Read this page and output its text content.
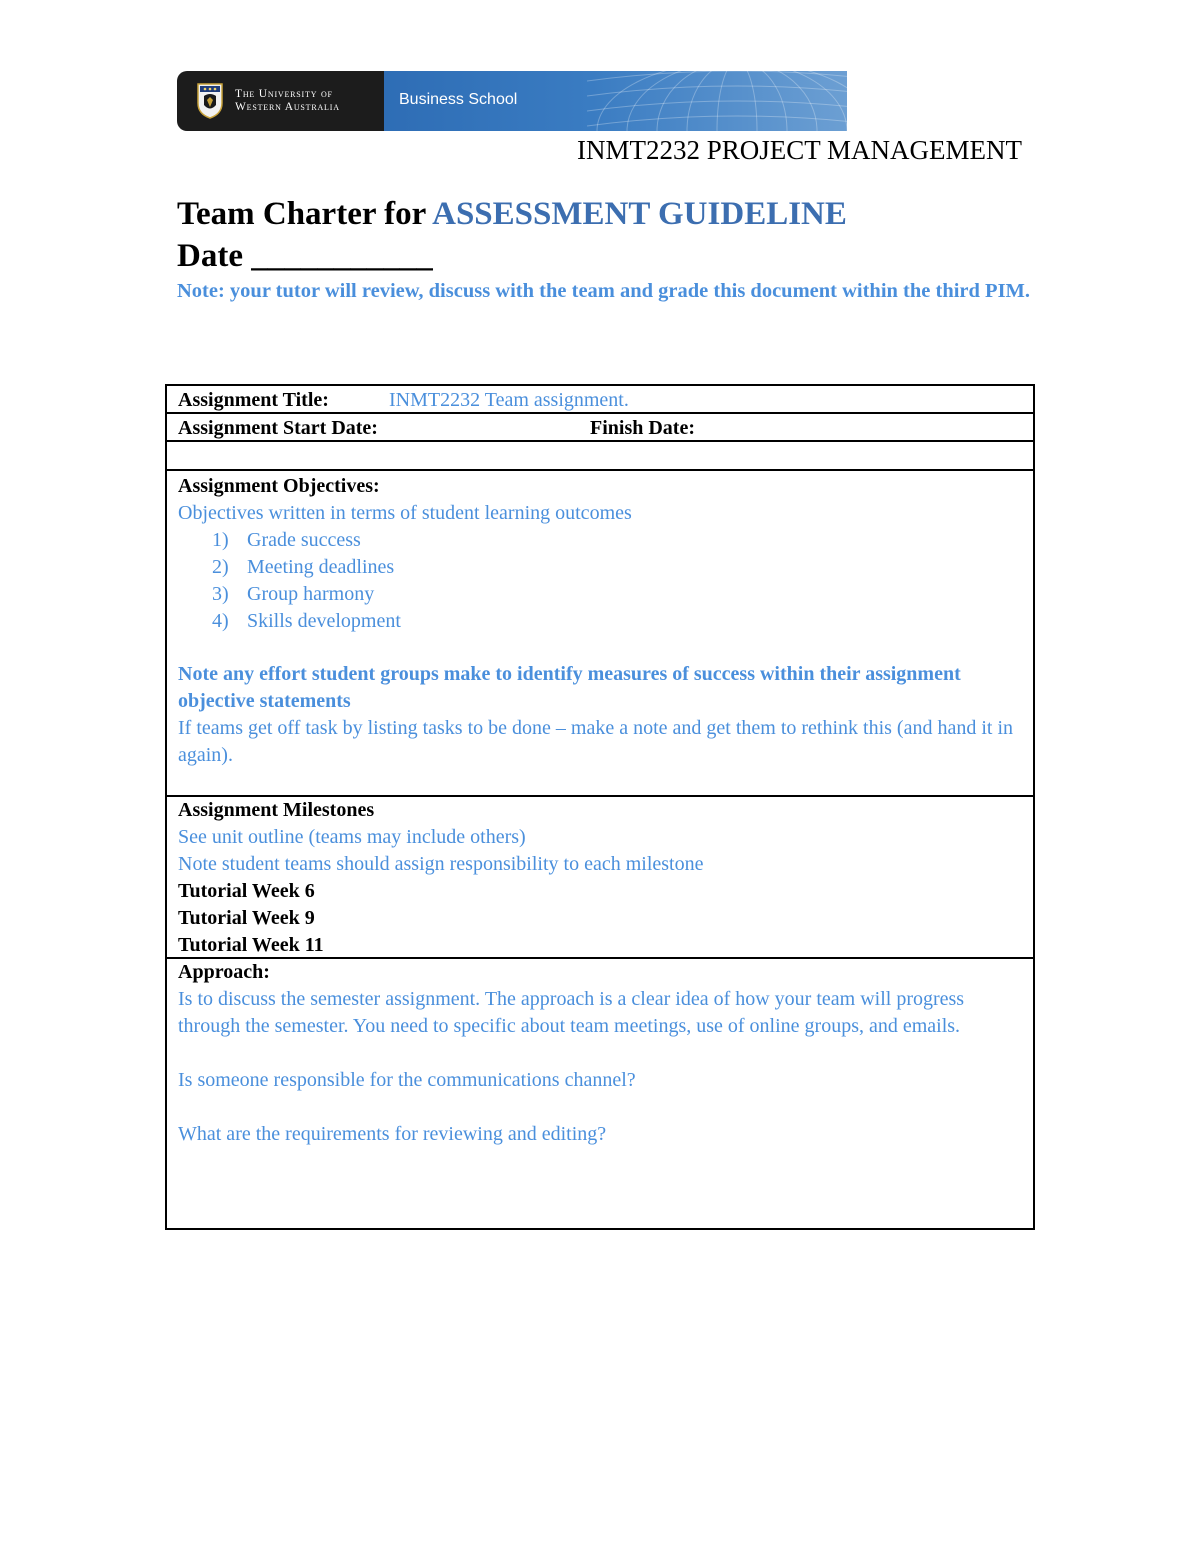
The University of
Western Australia	Business School
INMT2232 PROJECT MANAGEMENT
Team Charter for ASSESSMENT GUIDELINE
Date ___________
Note: your tutor will review, discuss with the team and grade this document within the third PIM.
Assignment Title:	INMT2232 Team assignment.
Assignment Start Date:	Finish Date:
Assignment Objectives:
Objectives written in terms of student learning outcomes
1) Grade success
2) Meeting deadlines
3) Group harmony
4) Skills development
Note any effort student groups make to identify measures of success within their assignment objective statements
If teams get off task by listing tasks to be done – make a note and get them to rethink this (and hand it in again).
Assignment Milestones
See unit outline (teams may include others)
Note student teams should assign responsibility to each milestone
Tutorial Week 6
Tutorial Week 9
Tutorial Week 11
Approach:
Is to discuss the semester assignment. The approach is a clear idea of how your team will progress through the semester. You need to specific about team meetings, use of online groups, and emails.
Is someone responsible for the communications channel?
What are the requirements for reviewing and editing?
